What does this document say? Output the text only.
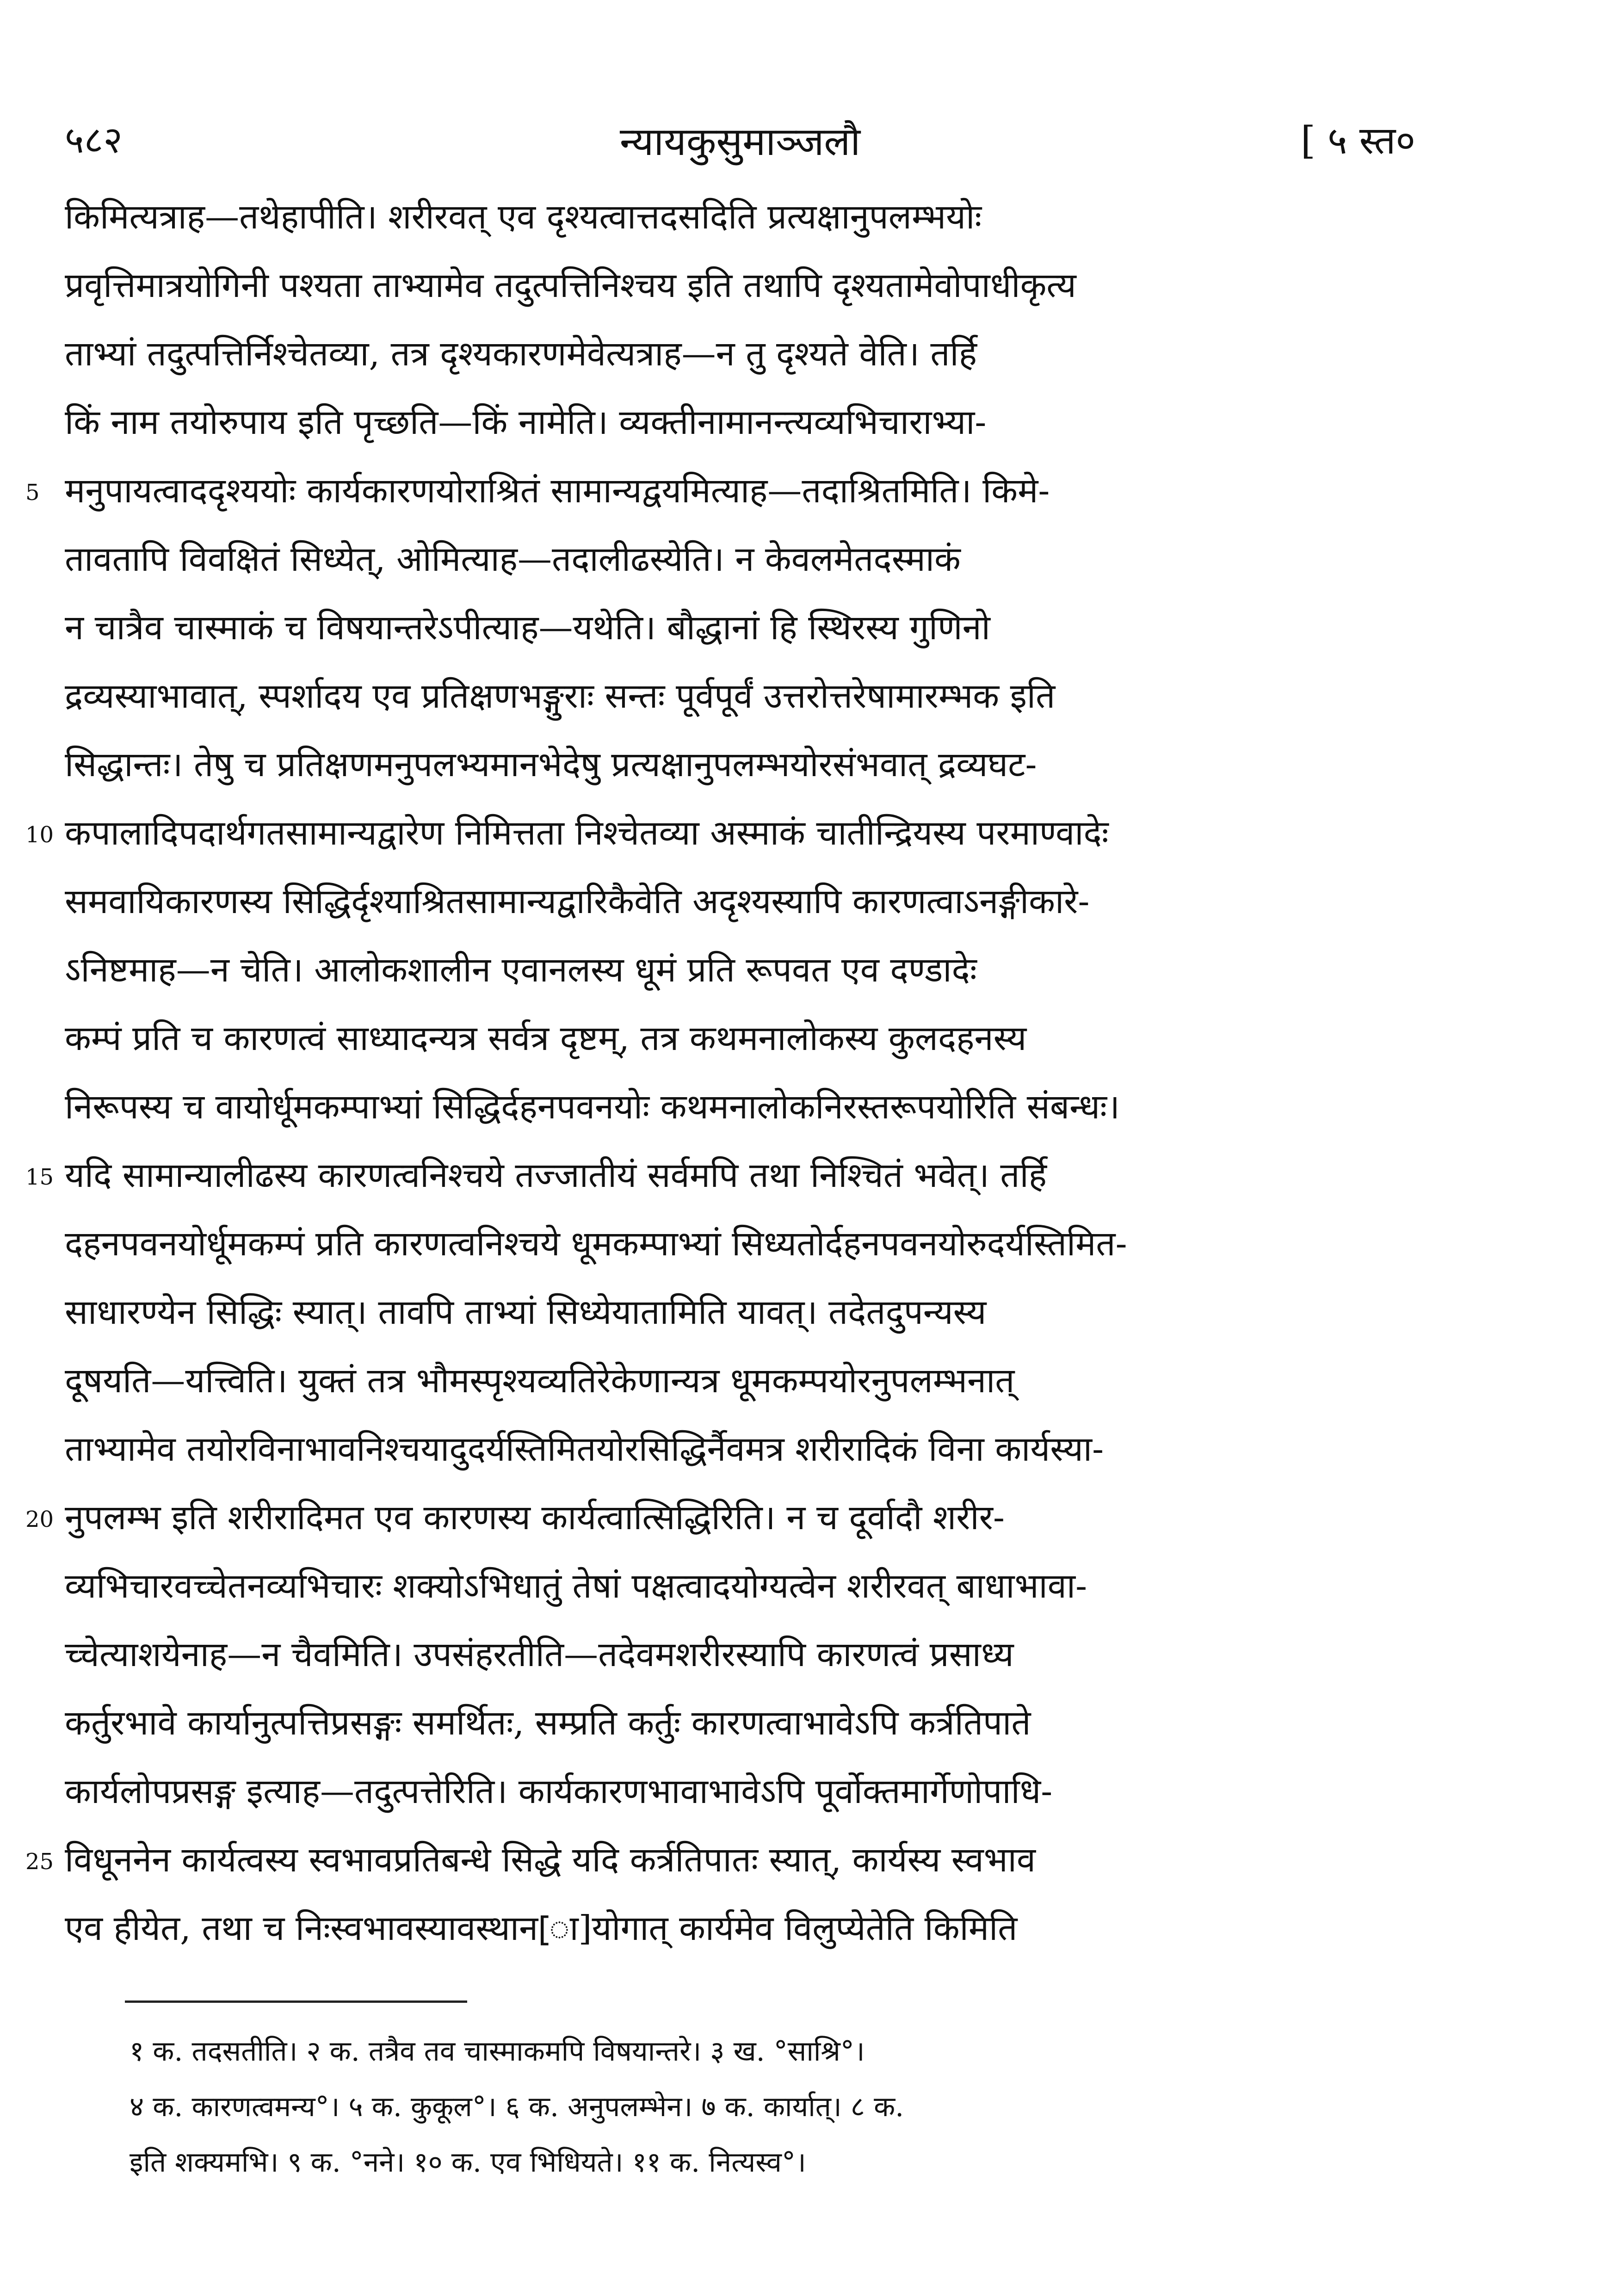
५८२	न्यायकुसुमाञ्जलौ	[ ५ स्त०
किमित्यत्राह—तथेहापीति। शरीरवत् एव दृश्यत्वात्तदसदिति प्रत्यक्षानुपलम्भयोः
प्रवृत्तिमात्रयोगिनी पश्यता ताभ्यामेव तदुत्पत्तिनिश्चय इति तथापि दृश्यतामेवोपाधीकृत्य
ताभ्यां तदुत्पत्तिर्निश्चेतव्या, तत्र दृश्यकारणमेवेत्यत्राह—न तु दृश्यते वेति। तर्हि
किं नाम तयोरुपाय इति पृच्छति—किं नामेति। व्यक्तीनामानन्त्यव्यभिचाराभ्या-
5 मनुपायत्वाददृश्ययोः कार्यकारणयोराश्रितं सामान्यद्वयमित्याह—तदाश्रितमिति। किमे-
तावतापि विवक्षितं सिध्येत्, ओमित्याह—तदालीढस्येति। न केवलमेतदस्माकं
न चात्रैव चास्माकं च विषयान्तरेऽपीत्याह—यथेति। बौद्धानां हि स्थिरस्य गुणिनो
द्रव्यस्याभावात्, स्पर्शादय एव प्रतिक्षणभङ्गुराः सन्तः पूर्वपूर्वं उत्तरोत्तरेषामारम्भक इति
सिद्धान्तः। तेषु च प्रतिक्षणमनुपलभ्यमानभेदेषु प्रत्यक्षानुपलम्भयोरसंभवात् द्रव्यघट-
10 कपालादिपदार्थगतसामान्यद्वारेण निमित्तता निश्चेतव्या अस्माकं चातीन्द्रियस्य परमाण्वादेः
समवायिकारणस्य सिद्धिर्दृश्याश्रितसामान्यद्वारिकैवेति अदृश्यस्यापि कारणत्वाऽनङ्गीकारे-
ऽनिष्टमाह—न चेति। आलोकशालीन एवानलस्य धूमं प्रति रूपवत एव दण्डादेः
कम्पं प्रति च कारणत्वं साध्यादन्यत्र सर्वत्र दृष्टम्, तत्र कथमनालोकस्य कुलदहनस्य
निरूपस्य च वायोर्धूमकम्पाभ्यां सिद्धिर्दहनपवनयोः कथमनालोकनिरस्तरूपयोरिति संबन्धः।
15 यदि सामान्यालीढस्य कारणत्वनिश्चये तज्जातीयं सर्वमपि तथा निश्चितं भवेत्। तर्हि
दहनपवनयोर्धूमकम्पं प्रति कारणत्वनिश्चये धूमकम्पाभ्यां सिध्यतोर्दहनपवनयोरुदर्यस्तिमित-
साधारण्येन सिद्धिः स्यात्। तावपि ताभ्यां सिध्येयातामिति यावत्। तदेतदुपन्यस्य
दूषयति—यत्त्विति। युक्तं तत्र भौमस्पृश्यव्यतिरेकेणान्यत्र धूमकम्पयोरनुपलम्भनात्
ताभ्यामेव तयोरविनाभावनिश्चयादुदर्यस्तिमितयोरसिद्धिर्नैवमत्र शरीरादिकं विना कार्यस्या-
20 नुपलम्भ इति शरीरादिमत एव कारणस्य कार्यत्वात्सिद्धिरिति। न च दूर्वादौ शरीर-
व्यभिचारवच्चेतनव्यभिचारः शक्योऽभिधातुं तेषां पक्षत्वादयोग्यत्वेन शरीरवत् बाधाभावा-
च्चेत्याशयेनाह—न चैवमिति। उपसंहरतीति—तदेवमशरीरस्यापि कारणत्वं प्रसाध्य
कर्तुरभावे कार्यानुत्पत्तिप्रसङ्गः समर्थितः, सम्प्रति कर्तुः कारणत्वाभावेऽपि कर्त्रतिपाते
कार्यलोपप्रसङ्ग इत्याह—तदुत्पत्तेरिति। कार्यकारणभावाभावेऽपि पूर्वोक्तमार्गेणोपाधि-
25 विधूननेन कार्यत्वस्य स्वभावप्रतिबन्धे सिद्धे यदि कर्त्रतिपातः स्यात्, कार्यस्य स्वभाव
एव हीयेत, तथा च निःस्वभावस्यावस्थान[ा]योगात् कार्यमेव विलुप्येतेति किमिति
१ क. तदसतीति। २ क. तत्रैव तव चास्माकमपि विषयान्तरे। ३ ख. °साश्रि°।
४ क. कारणत्वमन्य°। ५ क. कुकूल°। ६ क. अनुपलम्भेन। ७ क. कार्यात्। ८ क.
इति शक्यमभि। ९ क. °नने। १० क. एव भिधियते। ११ क. नित्यस्व°।
